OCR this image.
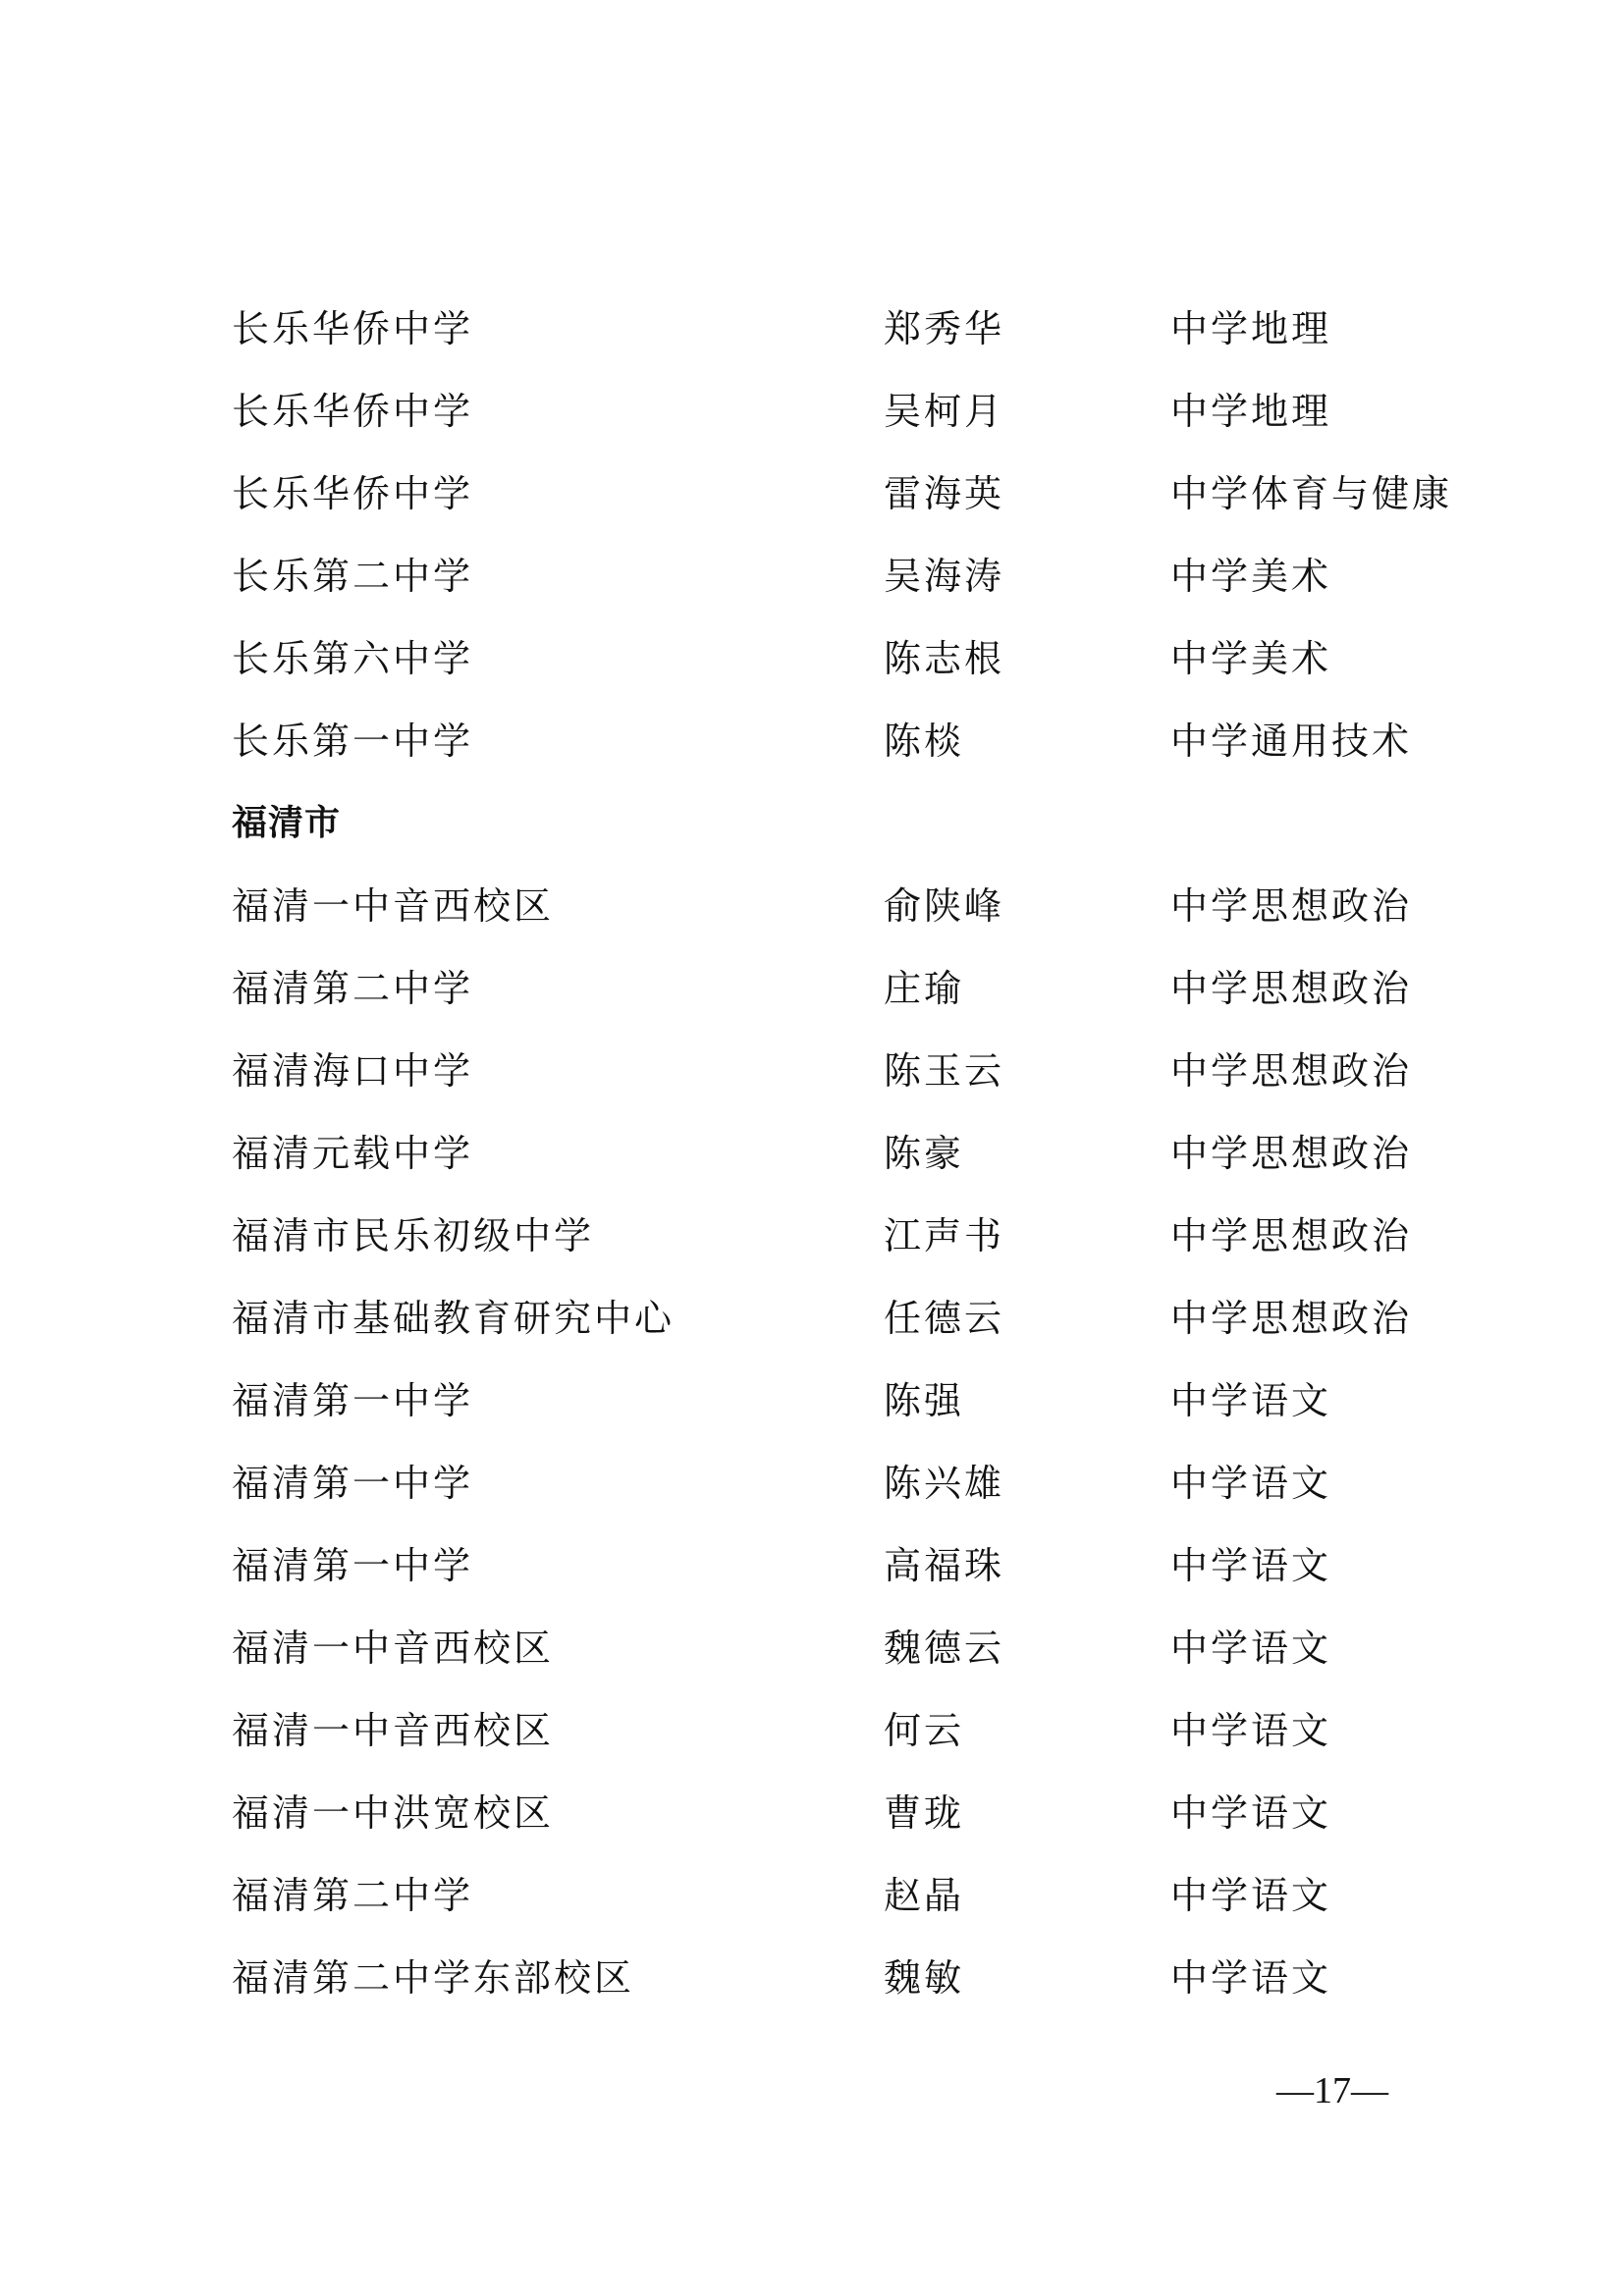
长乐华侨中学	郑秀华	中学地理
长乐华侨中学	吴柯月	中学地理
长乐华侨中学	雷海英	中学体育与健康
长乐第二中学	吴海涛	中学美术
长乐第六中学	陈志根	中学美术
长乐第一中学	陈棪	中学通用技术
福清市
福清一中音西校区	俞陕峰	中学思想政治
福清第二中学	庄瑜	中学思想政治
福清海口中学	陈玉云	中学思想政治
福清元载中学	陈豪	中学思想政治
福清市民乐初级中学	江声书	中学思想政治
福清市基础教育研究中心	任德云	中学思想政治
福清第一中学	陈强	中学语文
福清第一中学	陈兴雄	中学语文
福清第一中学	高福珠	中学语文
福清一中音西校区	魏德云	中学语文
福清一中音西校区	何云	中学语文
福清一中洪宽校区	曹珑	中学语文
福清第二中学	赵晶	中学语文
福清第二中学东部校区	魏敏	中学语文
—17—
